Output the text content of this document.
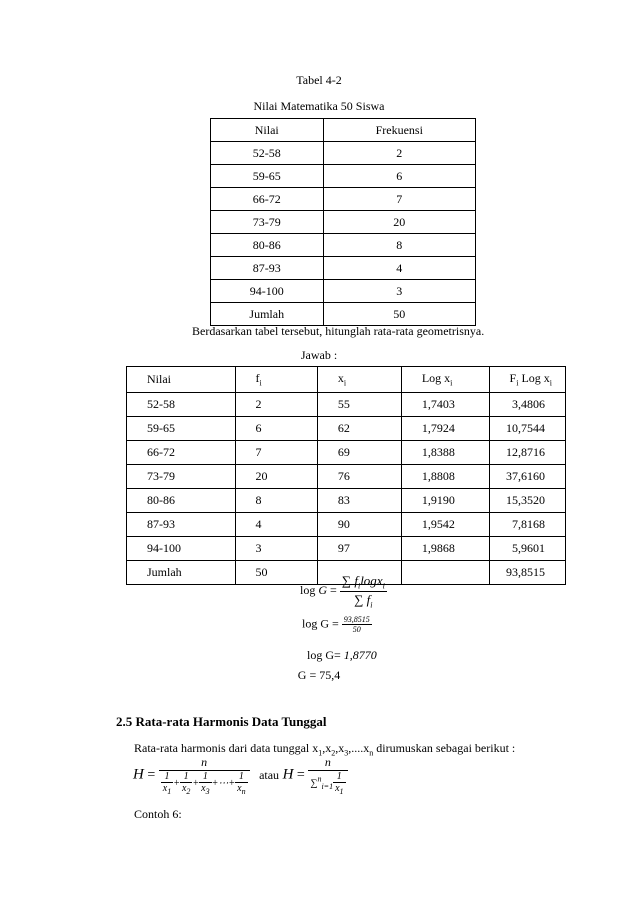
Tabel 4-2
Nilai Matematika 50 Siswa
Nilai	Frekuensi
52-58	2
59-65	6
66-72	7
73-79	20
80-86	8
87-93	4
94-100	3
Jumlah	50
Berdasarkan tabel tersebut, hitunglah rata-rata geometrisnya.
Jawab :
Nilai	$f_i$	$x_i$	Log $x_i$	$F_i$ Log $x_i$
52-58	2	55	1,7403	3,4806
59-65	6	62	1,7924	10,7544
66-72	7	69	1,8388	12,8716
73-79	20	76	1,8808	37,6160
80-86	8	83	1,9190	15,3520
87-93	4	90	1,9542	7,8168
94-100	3	97	1,9868	5,9601
Jumlah	50			93,8515
$\log G = \frac{\sum f_i\log x_i}{\sum f_i}$
$\log G = \frac{93,8515}{50}$
log G= 1,8770
G = 75,4
2.5 Rata-rata Harmonis Data Tunggal
Rata-rata harmonis dari data tunggal $x_1,x_2,x_3,....x_n$ dirumuskan sebagai berikut :
$H = \frac{n}{\frac{1}{x_1} + \frac{1}{x_2} + \frac{1}{x_3} +\cdots+ \frac{1}{x_n}}$ atau $H = \frac{n}{\sum^n_{i=1} \frac{1}{x_1}}$
Contoh 6:
